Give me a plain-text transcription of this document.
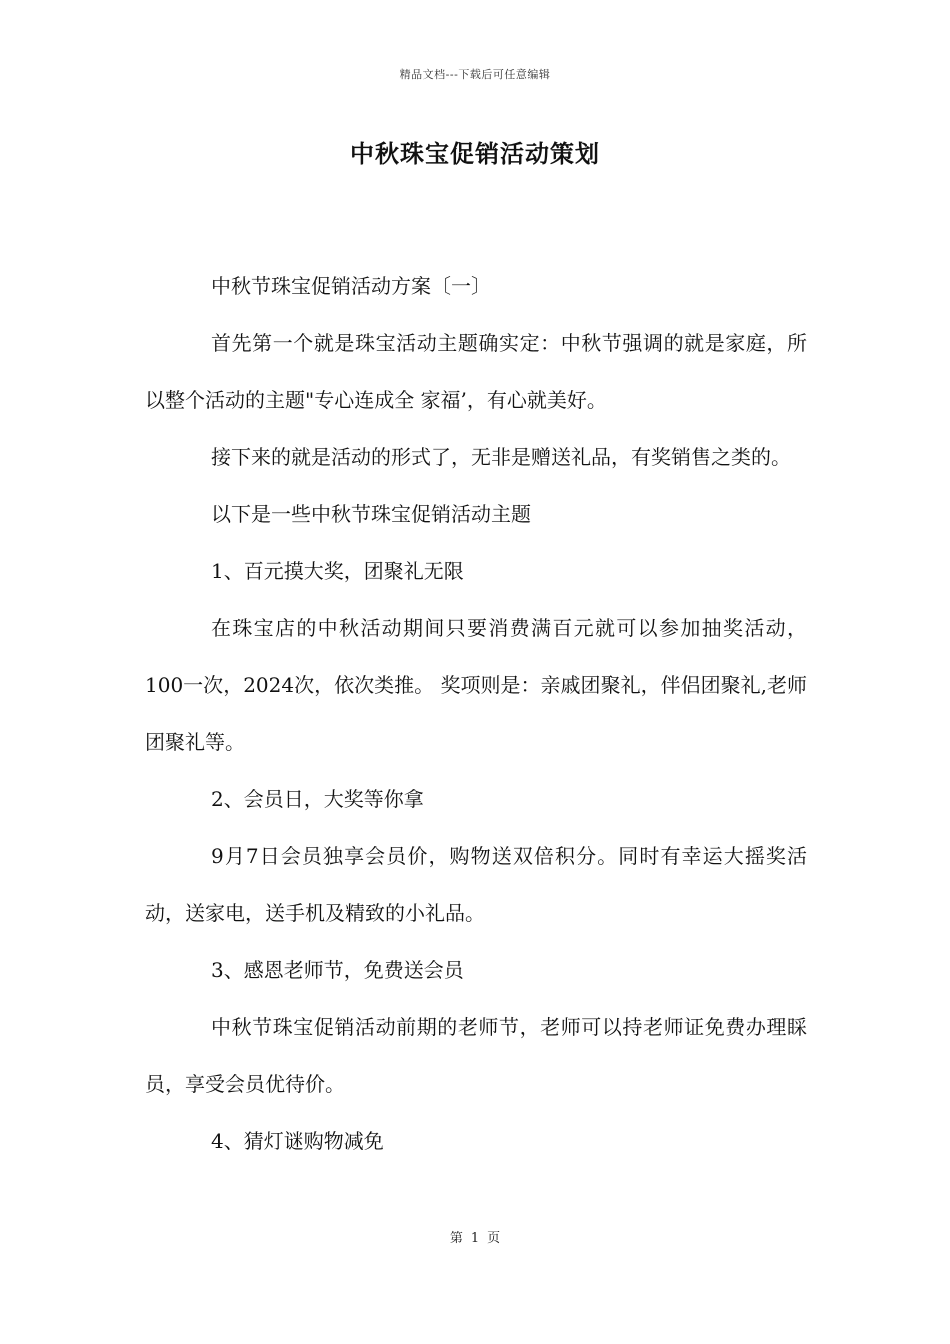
精品文档---下载后可任意编辑
中秋珠宝促销活动策划

中秋节珠宝促销活动方案〔一〕

首先第一个就是珠宝活动主题确实定：中秋节强调的就是家庭，所以整个活动的主题"专心连成全 家福’，有心就美好。

接下来的就是活动的形式了，无非是赠送礼品，有奖销售之类的。

以下是一些中秋节珠宝促销活动主题

1、百元摸大奖，团聚礼无限

在珠宝店的中秋活动期间只要消费满百元就可以参加抽奖活动，100一次，2024次，依次类推。 奖项则是：亲戚团聚礼，伴侣团聚礼,老师团聚礼等。

2、会员日，大奖等你拿

9月7日会员独享会员价，购物送双倍积分。同时有幸运大摇奖活动，送家电，送手机及精致的小礼品。

3、感恩老师节，免费送会员

中秋节珠宝促销活动前期的老师节，老师可以持老师证免费办理睬员，享受会员优待价。

4、猜灯谜购物减免

第 1 页
